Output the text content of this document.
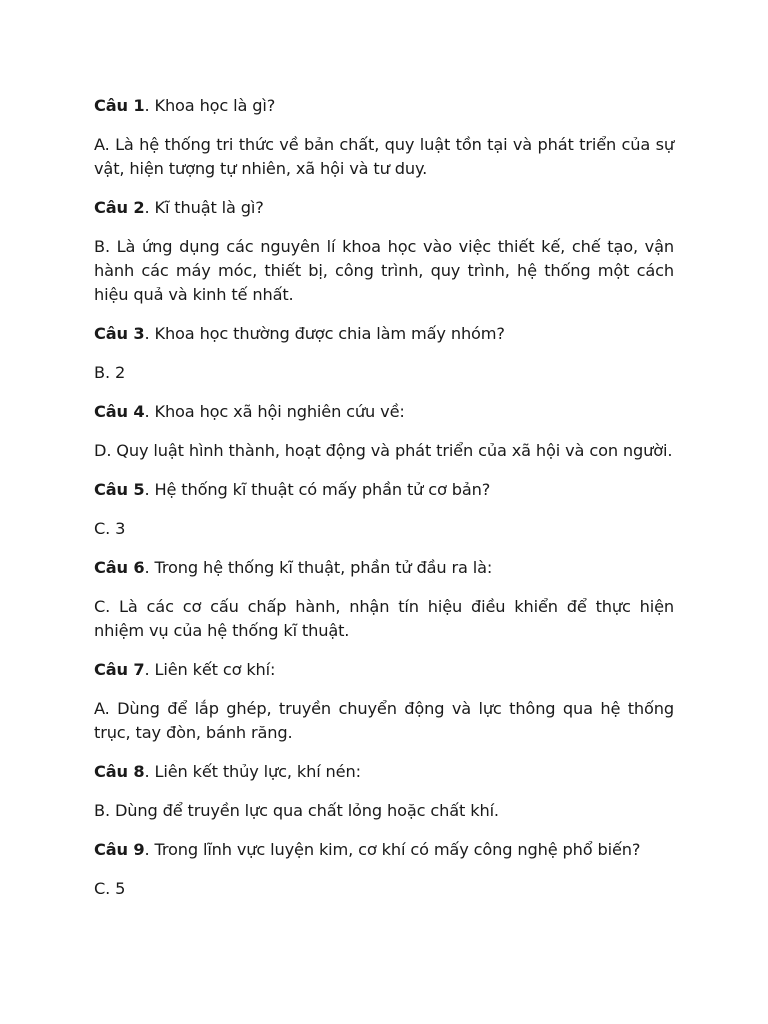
Câu 1. Khoa học là gì?

A. Là hệ thống tri thức về bản chất, quy luật tồn tại và phát triển của sự vật, hiện tượng tự nhiên, xã hội và tư duy.

Câu 2. Kĩ thuật là gì?

B. Là ứng dụng các nguyên lí khoa học vào việc thiết kế, chế tạo, vận hành các máy móc, thiết bị, công trình, quy trình, hệ thống một cách hiệu quả và kinh tế nhất.

Câu 3. Khoa học thường được chia làm mấy nhóm?

B. 2

Câu 4. Khoa học xã hội nghiên cứu về:

D. Quy luật hình thành, hoạt động và phát triển của xã hội và con người.

Câu 5. Hệ thống kĩ thuật có mấy phần tử cơ bản?

C. 3

Câu 6. Trong hệ thống kĩ thuật, phần tử đầu ra là:

C. Là các cơ cấu chấp hành, nhận tín hiệu điều khiển để thực hiện nhiệm vụ của hệ thống kĩ thuật.

Câu 7. Liên kết cơ khí:

A. Dùng để lắp ghép, truyền chuyển động và lực thông qua hệ thống trục, tay đòn, bánh răng.

Câu 8. Liên kết thủy lực, khí nén:

B. Dùng để truyền lực qua chất lỏng hoặc chất khí.

Câu 9. Trong lĩnh vực luyện kim, cơ khí có mấy công nghệ phổ biến?

C. 5
